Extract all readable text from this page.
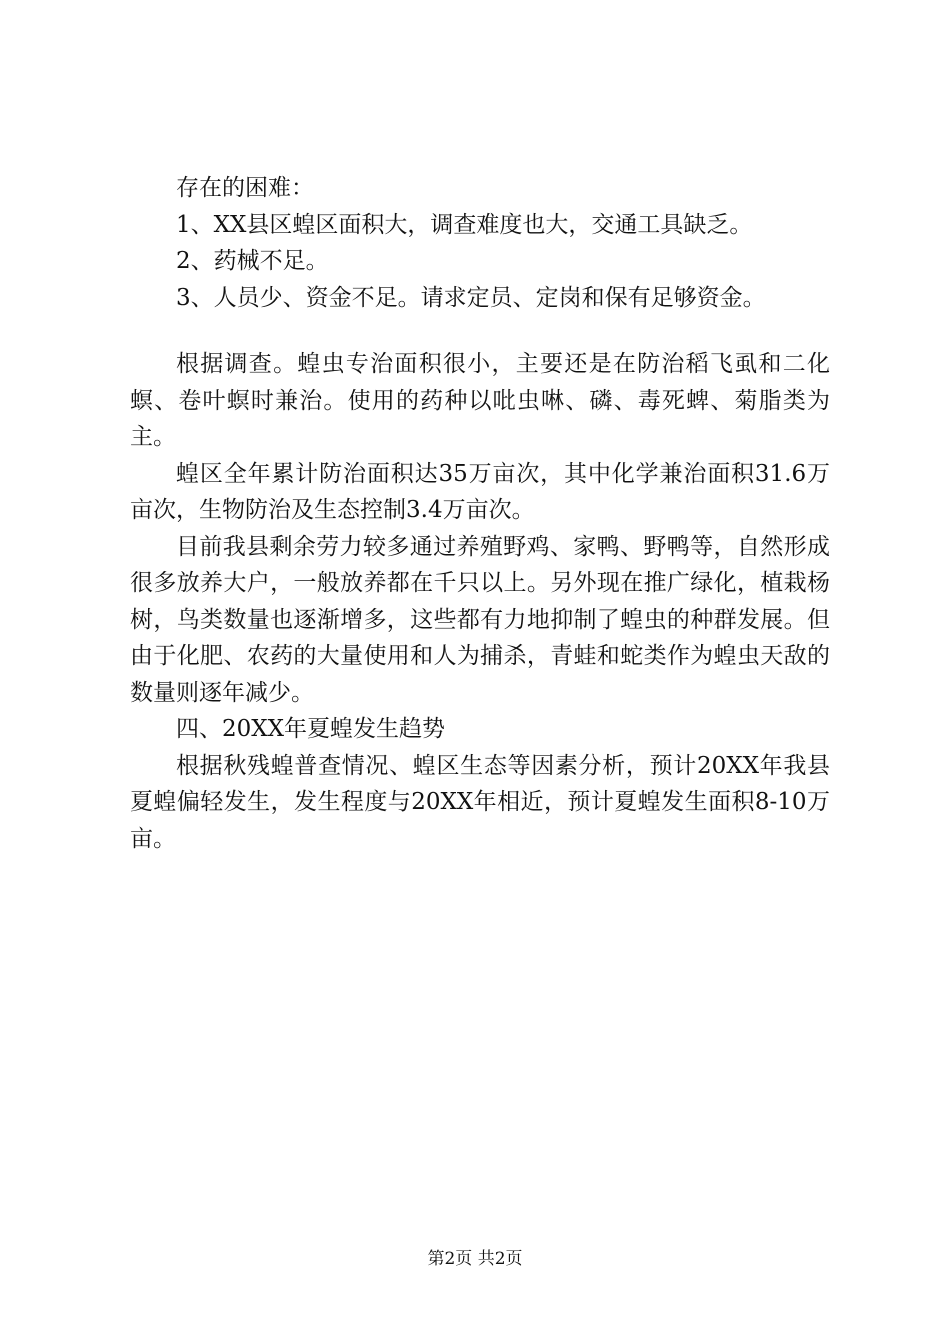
存在的困难：

1、XX县区蝗区面积大，调查难度也大，交通工具缺乏。

2、药械不足。

3、人员少、资金不足。请求定员、定岗和保有足够资金。

根据调查。蝗虫专治面积很小，主要还是在防治稻飞虱和二化螟、卷叶螟时兼治。使用的药种以吡虫啉、磷、毒死蜱、菊脂类为主。

蝗区全年累计防治面积达35万亩次，其中化学兼治面积31.6万亩次，生物防治及生态控制3.4万亩次。

目前我县剩余劳力较多通过养殖野鸡、家鸭、野鸭等，自然形成很多放养大户，一般放养都在千只以上。另外现在推广绿化，植栽杨树，鸟类数量也逐渐增多，这些都有力地抑制了蝗虫的种群发展。但由于化肥、农药的大量使用和人为捕杀，青蛙和蛇类作为蝗虫天敌的数量则逐年减少。

四、20XX年夏蝗发生趋势

根据秋残蝗普查情况、蝗区生态等因素分析，预计20XX年我县夏蝗偏轻发生，发生程度与20XX年相近，预计夏蝗发生面积8-10万亩。

第2页 共2页
